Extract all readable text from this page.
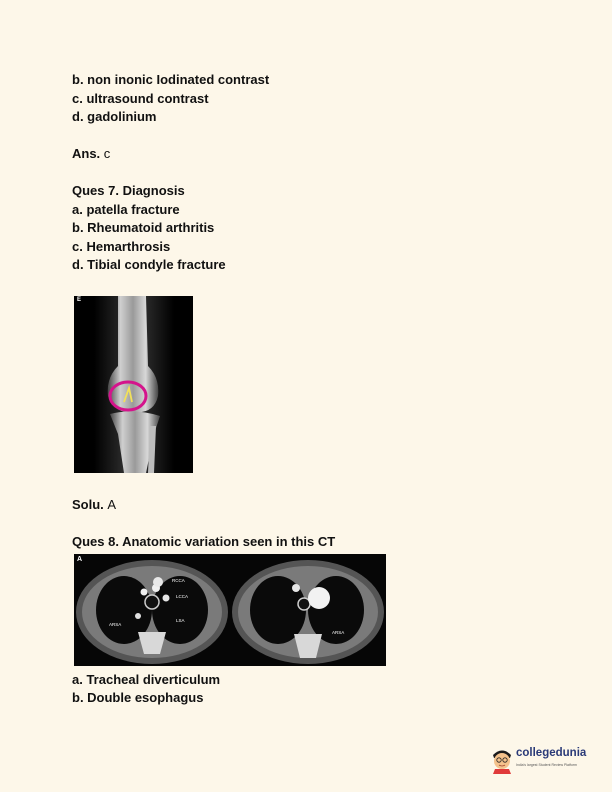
b. non inonic Iodinated contrast
c. ultrasound contrast
d. gadolinium
Ans. c
Ques 7. Diagnosis
a. patella fracture
b. Rheumatoid arthritis
c. Hemarthrosis
d. Tibial condyle fracture
E
Solu. A
Ques 8. Anatomic variation seen in this CT
A
RCCA
LCCA
ARSA
LSA
ARSA
a. Tracheal diverticulum
b. Double esophagus
collegedunia
India's largest Student Review Platform
